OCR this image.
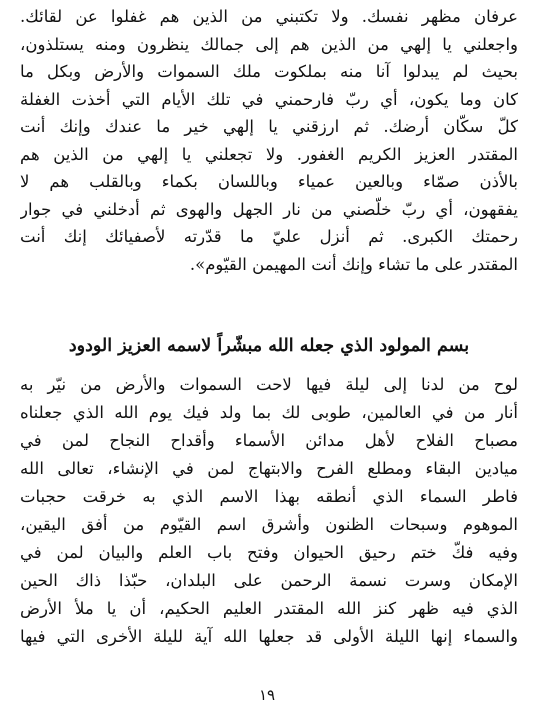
عرفان مظهر نفسك. ولا تكتبني من الذين هم غفلوا عن لقائك.
واجعلني يا إلهي من الذين هم إلى جمالك ينظرون ومنه يستلذون،
بحيث لم يبدلوا آنا منه بملكوت ملك السموات والأرض وبكل ما
كان وما يكون، أي ربّ فارحمني في تلك الأيام التي أخذت الغفلة
كلّ سكّان أرضك. ثم ارزقني يا إلهي خير ما عندك وإنك أنت
المقتدر العزيز الكريم الغفور. ولا تجعلني يا إلهي من الذين هم
بالأذن صمّاء وبالعين عمياء وباللسان بكماء وبالقلب هم لا
يفقهون، أي ربّ خلّصني من نار الجهل والهوى ثم أدخلني في جوار
رحمتك الكبرى. ثم أنزل عليّ ما قدّرته لأصفيائك إنك أنت
المقتدر على ما تشاء وإنك أنت المهيمن القيّوم».
بسم المولود الذي جعله الله مبشّراً لاسمه العزيز الودود
لوح من لدنا إلى ليلة فيها لاحت السموات والأرض من نيّر به
أنار من في العالمين، طوبى لك بما ولد فيك يوم الله الذي جعلناه
مصباح الفلاح لأهل مدائن الأسماء وأقداح النجاح لمن في
ميادين البقاء ومطلع الفرح والابتهاج لمن في الإنشاء، تعالى الله
فاطر السماء الذي أنطقه بهذا الاسم الذي به خرقت حجبات
الموهوم وسبحات الظنون وأشرق اسم القيّوم من أفق اليقين،
وفيه فكّ ختم رحيق الحيوان وفتح باب العلم والبيان لمن في
الإمكان وسرت نسمة الرحمن على البلدان، حبّذا ذاك الحين
الذي فيه ظهر كنز الله المقتدر العليم الحكيم، أن يا ملأ الأرض
والسماء إنها الليلة الأولى قد جعلها الله آية لليلة الأخرى التي فيها
١٩
